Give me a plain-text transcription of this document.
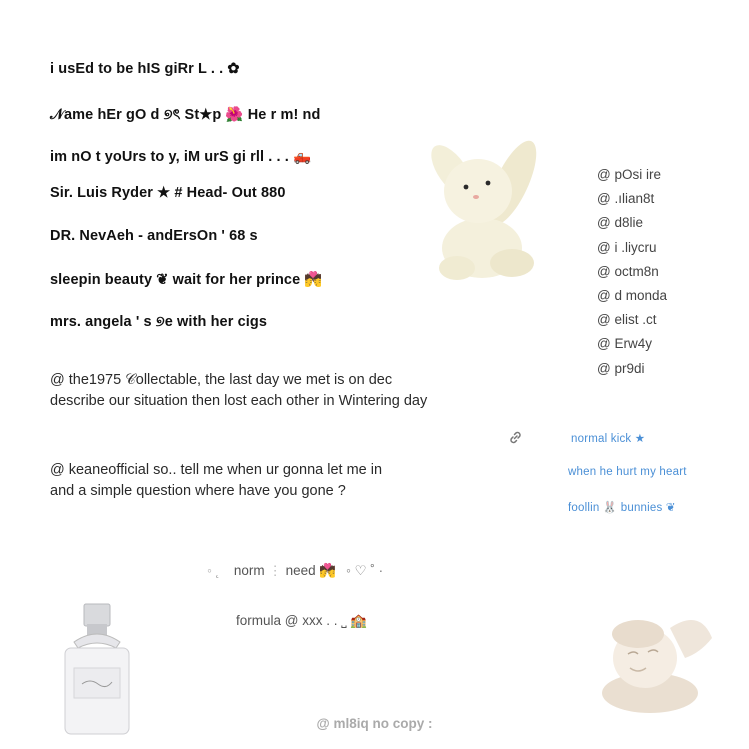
i usEd to be hIS giRr L . . ✿
𝒩ame hEr gO d ୭ৎ St★p 🌺 He r m! nd
im nO t yoUrs to y, iM urS gi rll . . . 🛻
Sir. Luis Ryder ★ # Head- Out 880
DR. NevAeh - andErsOn ' 68 s
sleepin beauty ❦ wait for her prince 💏
mrs. angela ' s ୭e with her cigs
@ pOsi ire
@ .ılian8t
@ d8lie
@ i .liycru
@ octm8n
@ d monda
@ elist .ct
@ Erw4y
@ pr9di
@ the1975 𝒞ollectable, the last day we met is on dec
describe our situation then lost each other in Wintering day
normal kick ★
when he hurt my heart
foollin 🐰 bunnies ❦
@ keaneofficial so.. tell me when ur gonna let me in
and a simple question where have you gone ?
◦ ˛ norm ⋮ need 💏 ◦ ♡ ˚ ·
formula @ xxx . . ⎵ 🏫
@ ml8iq no copy :
